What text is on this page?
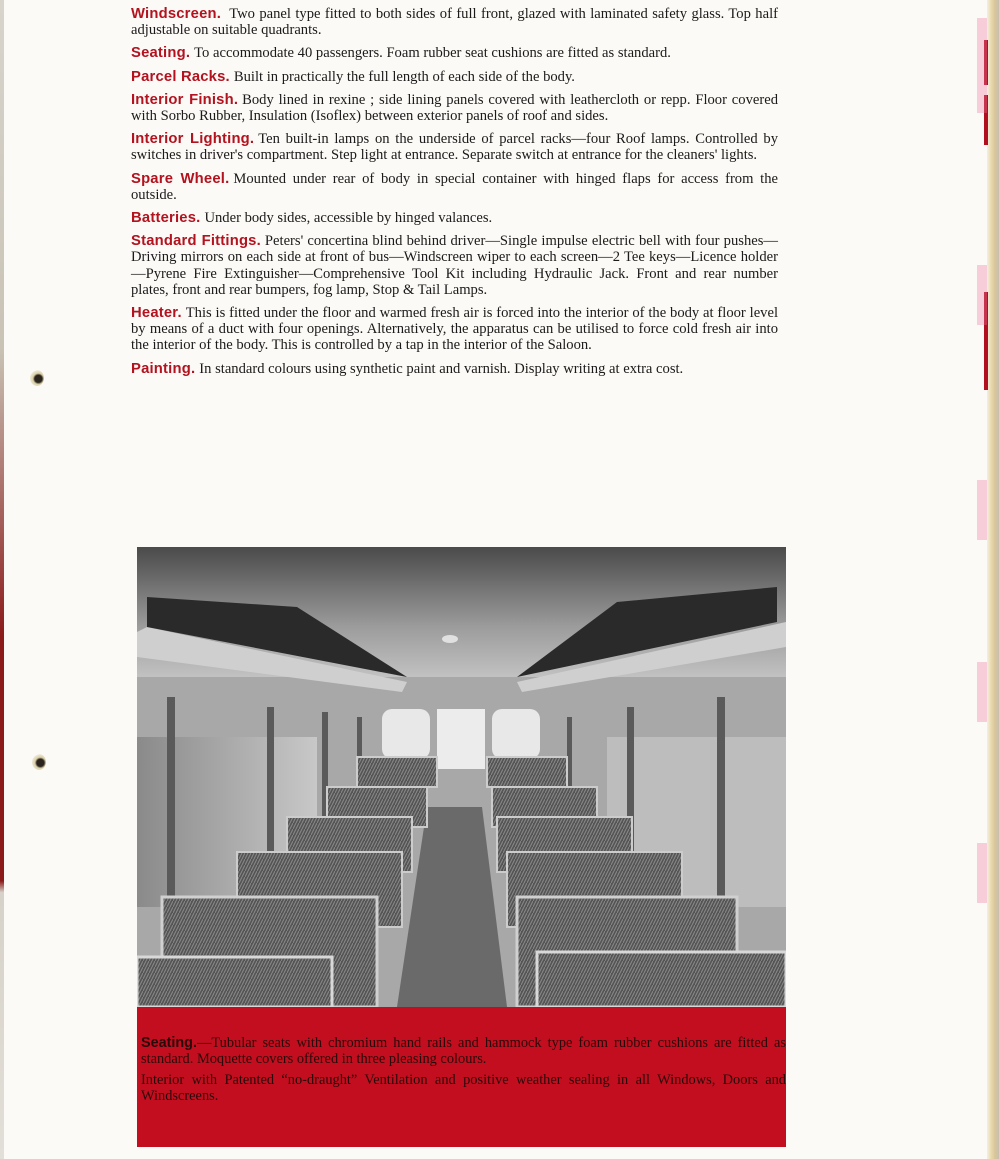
Windscreen. Two panel type fitted to both sides of full front, glazed with laminated safety glass. Top half adjustable on suitable quadrants.

Seating. To accommodate 40 passengers. Foam rubber seat cushions are fitted as standard.

Parcel Racks. Built in practically the full length of each side of the body.

Interior Finish. Body lined in rexine ; side lining panels covered with leathercloth or repp. Floor covered with Sorbo Rubber, Insulation (Isoflex) between exterior panels of roof and sides.

Interior Lighting. Ten built-in lamps on the underside of parcel racks—four Roof lamps. Controlled by switches in driver's compartment. Step light at entrance. Separate switch at entrance for the cleaners' lights.

Spare Wheel. Mounted under rear of body in special container with hinged flaps for access from the outside.

Batteries. Under body sides, accessible by hinged valances.

Standard Fittings. Peters' concertina blind behind driver—Single impulse electric bell with four pushes—Driving mirrors on each side at front of bus—Windscreen wiper to each screen—2 Tee keys—Licence holder—Pyrene Fire Extinguisher—Comprehensive Tool Kit including Hydraulic Jack. Front and rear number plates, front and rear bumpers, fog lamp, Stop & Tail Lamps.

Heater. This is fitted under the floor and warmed fresh air is forced into the interior of the body at floor level by means of a duct with four openings. Alternatively, the apparatus can be utilised to force cold fresh air into the interior of the body. This is controlled by a tap in the interior of the Saloon.

Painting. In standard colours using synthetic paint and varnish. Display writing at extra cost.

Seating.—Tubular seats with chromium hand rails and hammock type foam rubber cushions are fitted as standard. Moquette covers offered in three pleasing colours.

Interior with Patented “no-draught” Ventilation and positive weather sealing in all Windows, Doors and Windscreens.
